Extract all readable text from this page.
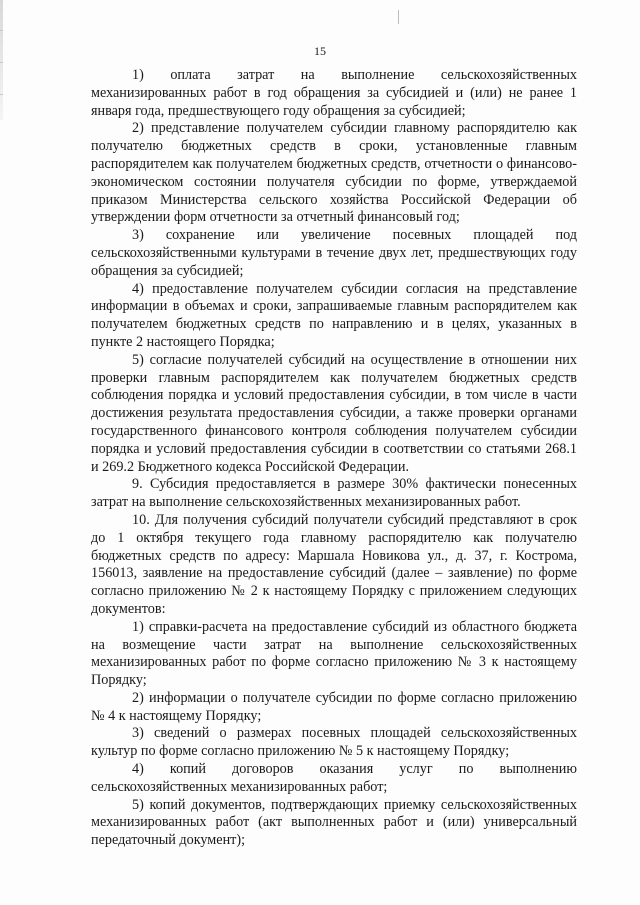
15

1) оплата затрат на выполнение сельскохозяйственных механизированных работ в год обращения за субсидией и (или) не ранее 1 января года, предшествующего году обращения за субсидией;

2) представление получателем субсидии главному распорядителю как получателю бюджетных средств в сроки, установленные главным распорядителем как получателем бюджетных средств, отчетности о финансово-экономическом состоянии получателя субсидии по форме, утверждаемой приказом Министерства сельского хозяйства Российской Федерации об утверждении форм отчетности за отчетный финансовый год;

3) сохранение или увеличение посевных площадей под сельскохозяйственными культурами в течение двух лет, предшествующих году обращения за субсидией;

4) предоставление получателем субсидии согласия на представление информации в объемах и сроки, запрашиваемые главным распорядителем как получателем бюджетных средств по направлению и в целях, указанных в пункте 2 настоящего Порядка;

5) согласие получателей субсидий на осуществление в отношении них проверки главным распорядителем как получателем бюджетных средств соблюдения порядка и условий предоставления субсидии, в том числе в части достижения результата предоставления субсидии, а также проверки органами государственного финансового контроля соблюдения получателем субсидии порядка и условий предоставления субсидии в соответствии со статьями 268.1 и 269.2 Бюджетного кодекса Российской Федерации.

9. Субсидия предоставляется в размере 30% фактически понесенных затрат на выполнение сельскохозяйственных механизированных работ.

10. Для получения субсидий получатели субсидий представляют в срок до 1 октября текущего года главному распорядителю как получателю бюджетных средств по адресу: Маршала Новикова ул., д. 37, г. Кострома, 156013, заявление на предоставление субсидий (далее – заявление) по форме согласно приложению № 2 к настоящему Порядку с приложением следующих документов:

1) справки-расчета на предоставление субсидий из областного бюджета на возмещение части затрат на выполнение сельскохозяйственных механизированных работ по форме согласно приложению № 3 к настоящему Порядку;

2) информации о получателе субсидии по форме согласно приложению № 4 к настоящему Порядку;

3) сведений о размерах посевных площадей сельскохозяйственных культур по форме согласно приложению № 5 к настоящему Порядку;

4) копий договоров оказания услуг по выполнению сельскохозяйственных механизированных работ;

5) копий документов, подтверждающих приемку сельскохозяйственных механизированных работ (акт выполненных работ и (или) универсальный передаточный документ);
